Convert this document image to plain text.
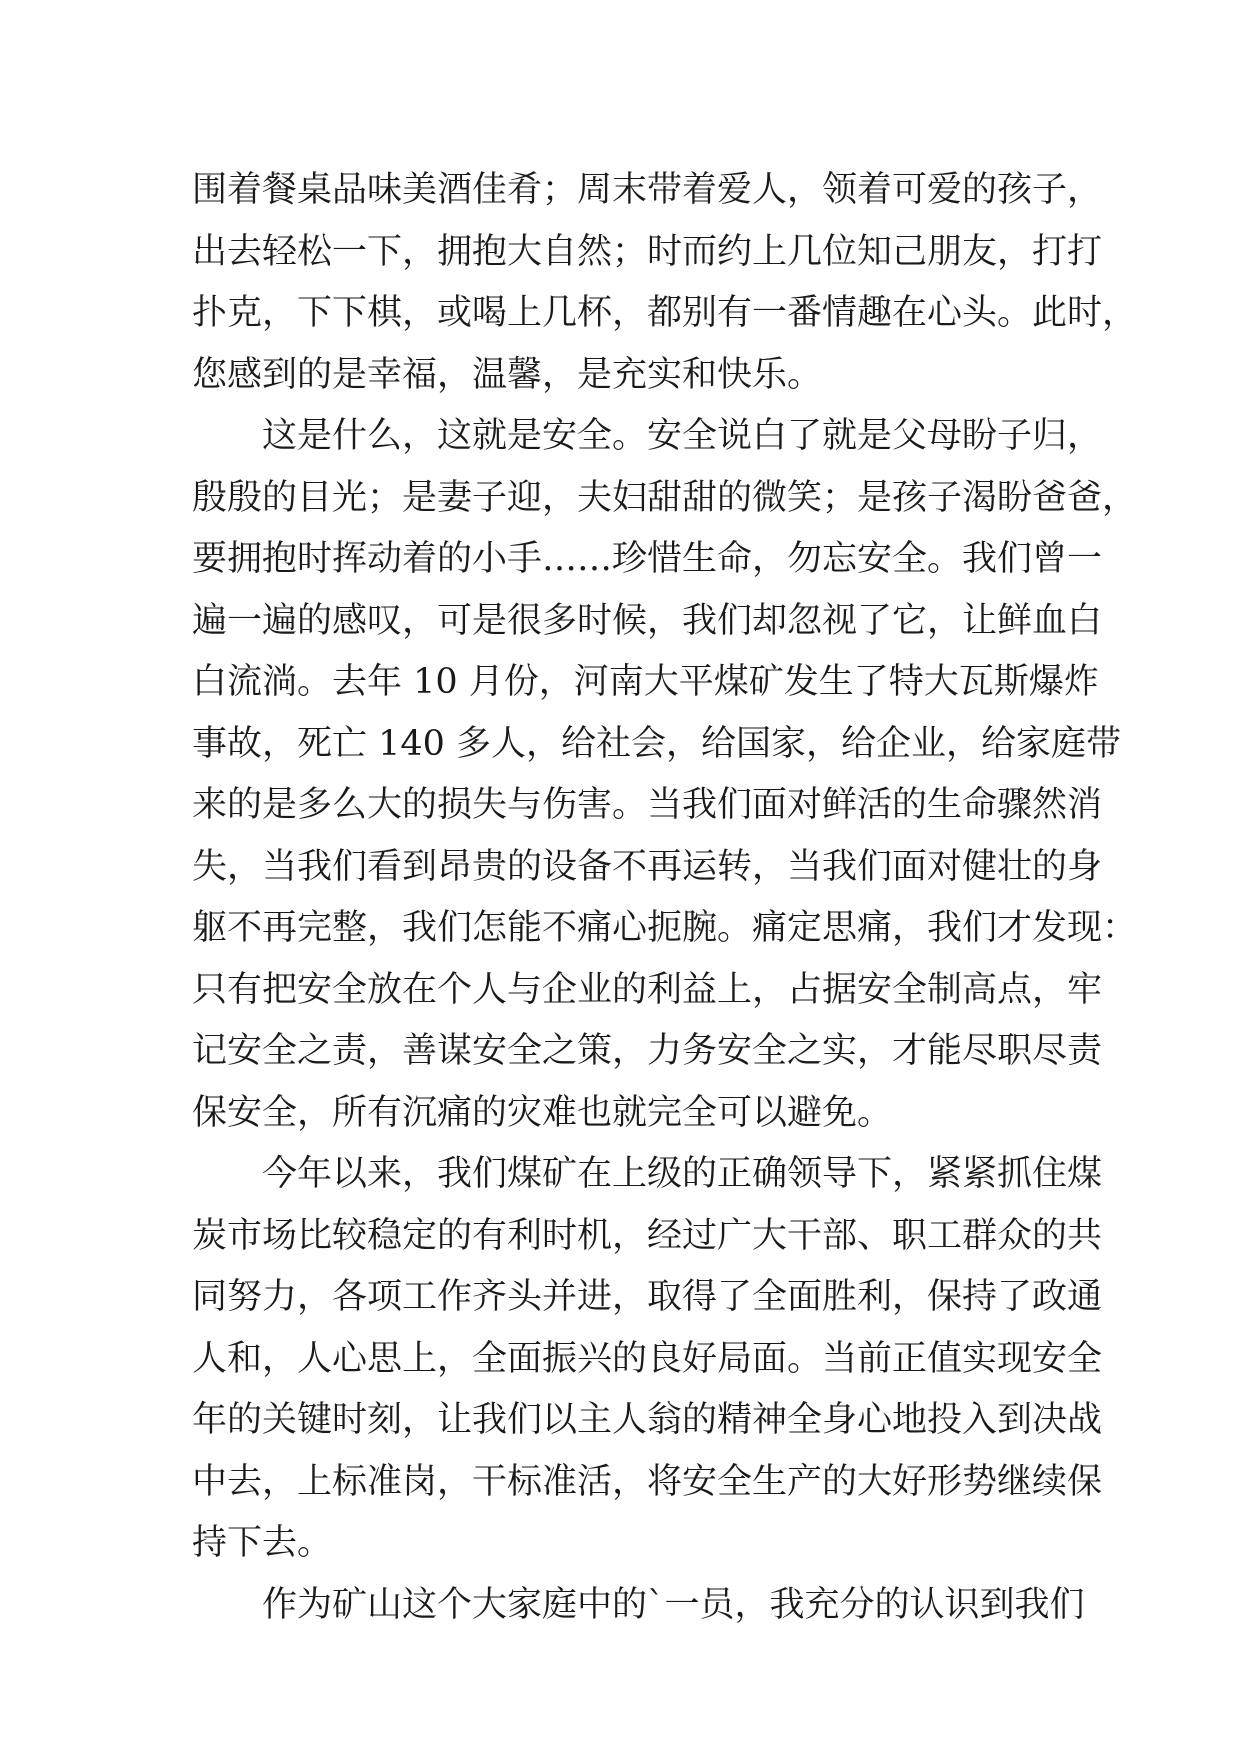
围着餐桌品味美酒佳肴；周末带着爱人，领着可爱的孩子，
出去轻松一下，拥抱大自然；时而约上几位知己朋友，打打
扑克，下下棋，或喝上几杯，都别有一番情趣在心头。此时，
您感到的是幸福，温馨，是充实和快乐。
这是什么，这就是安全。安全说白了就是父母盼子归，
殷殷的目光；是妻子迎，夫妇甜甜的微笑；是孩子渴盼爸爸，
要拥抱时挥动着的小手……珍惜生命，勿忘安全。我们曾一
遍一遍的感叹，可是很多时候，我们却忽视了它，让鲜血白
白流淌。去年 10 月份，河南大平煤矿发生了特大瓦斯爆炸
事故，死亡 140 多人，给社会，给国家，给企业，给家庭带
来的是多么大的损失与伤害。当我们面对鲜活的生命骤然消
失，当我们看到昂贵的设备不再运转，当我们面对健壮的身
躯不再完整，我们怎能不痛心扼腕。痛定思痛，我们才发现：
只有把安全放在个人与企业的利益上，占据安全制高点，牢
记安全之责，善谋安全之策，力务安全之实，才能尽职尽责
保安全，所有沉痛的灾难也就完全可以避免。
今年以来，我们煤矿在上级的正确领导下，紧紧抓住煤
炭市场比较稳定的有利时机，经过广大干部、职工群众的共
同努力，各项工作齐头并进，取得了全面胜利，保持了政通
人和，人心思上，全面振兴的良好局面。当前正值实现安全
年的关键时刻，让我们以主人翁的精神全身心地投入到决战
中去，上标准岗，干标准活，将安全生产的大好形势继续保
持下去。
作为矿山这个大家庭中的`一员，我充分的认识到我们
